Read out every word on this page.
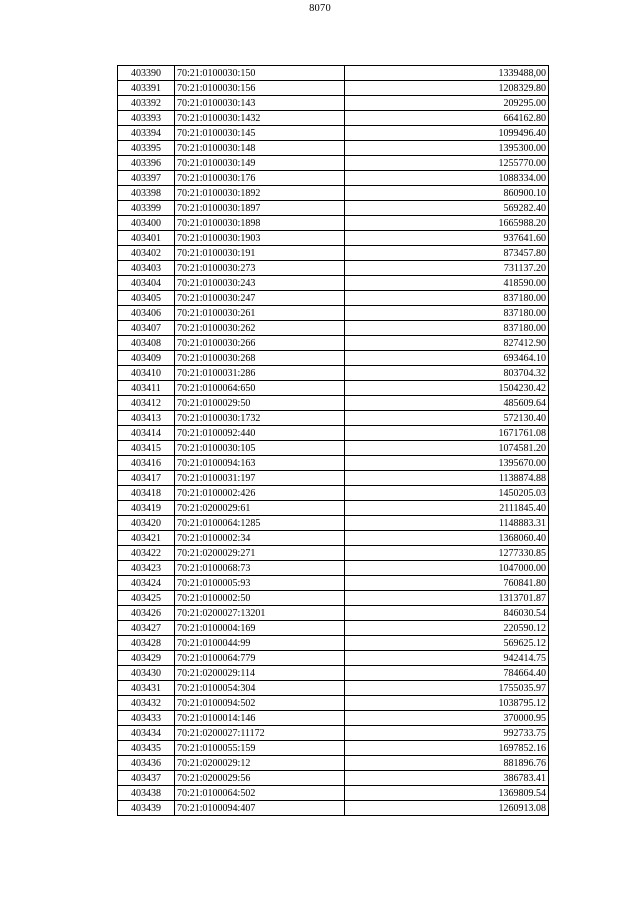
8070
403390	70:21:0100030:150	1339488,00
403391	70:21:0100030:156	1208329.80
403392	70:21:0100030:143	209295.00
403393	70:21:0100030:1432	664162.80
403394	70:21:0100030:145	1099496.40
403395	70:21:0100030:148	1395300.00
403396	70:21:0100030:149	1255770.00
403397	70:21:0100030:176	1088334.00
403398	70:21:0100030:1892	860900.10
403399	70:21:0100030:1897	569282.40
403400	70:21:0100030:1898	1665988.20
403401	70:21:0100030:1903	937641.60
403402	70:21:0100030:191	873457.80
403403	70:21:0100030:273	731137.20
403404	70:21:0100030:243	418590.00
403405	70:21:0100030:247	837180.00
403406	70:21:0100030:261	837180.00
403407	70:21:0100030:262	837180.00
403408	70:21:0100030:266	827412.90
403409	70:21:0100030:268	693464.10
403410	70:21:0100031:286	803704.32
403411	70:21:0100064:650	1504230.42
403412	70:21:0100029:50	485609.64
403413	70:21:0100030:1732	572130.40
403414	70:21:0100092:440	1671761.08
403415	70:21:0100030:105	1074581.20
403416	70:21:0100094:163	1395670.00
403417	70:21:0100031:197	1138874.88
403418	70:21:0100002:426	1450205.03
403419	70:21:0200029:61	2111845.40
403420	70:21:0100064:1285	1148883.31
403421	70:21:0100002:34	1368060.40
403422	70:21:0200029:271	1277330.85
403423	70:21:0100068:73	1047000.00
403424	70:21:0100005:93	760841.80
403425	70:21:0100002:50	1313701.87
403426	70:21:0200027:13201	846030.54
403427	70:21:0100004:169	220590.12
403428	70:21:0100044:99	569625.12
403429	70:21:0100064:779	942414.75
403430	70:21:0200029:114	784664.40
403431	70:21:0100054:304	1755035.97
403432	70:21:0100094:502	1038795.12
403433	70:21:0100014:146	370000.95
403434	70:21:0200027:11172	992733.75
403435	70:21:0100055:159	1697852.16
403436	70:21:0200029:12	881896.76
403437	70:21:0200029:56	386783.41
403438	70:21:0100064:502	1369809.54
403439	70:21:0100094:407	1260913.08
